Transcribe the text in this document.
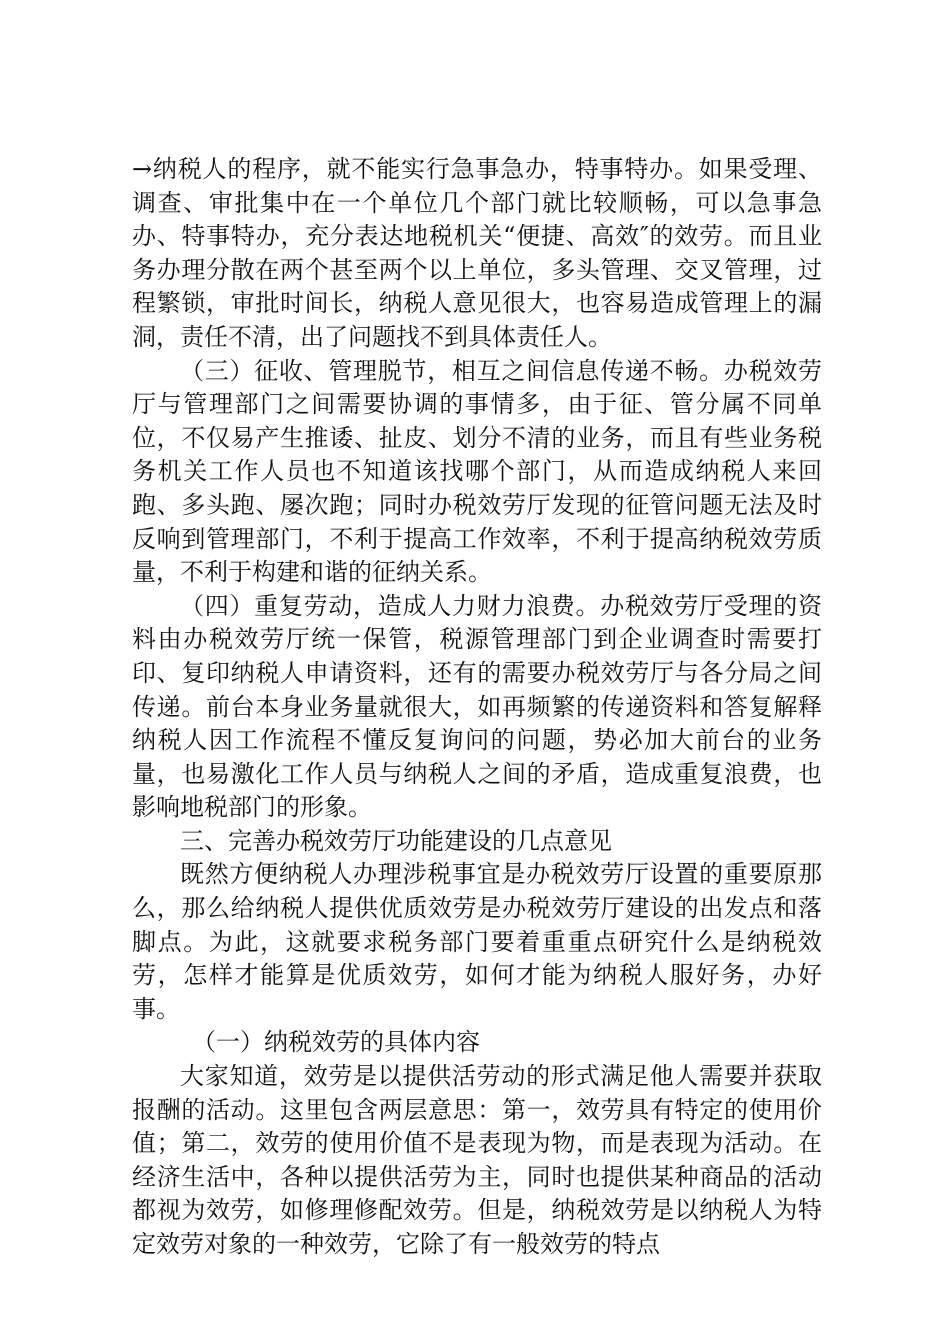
→纳税人的程序，就不能实行急事急办，特事特办。如果受理、调查、审批集中在一个单位几个部门就比较顺畅，可以急事急办、特事特办，充分表达地税机关“便捷、高效″的效劳。而且业务办理分散在两个甚至两个以上单位，多头管理、交叉管理，过程繁锁，审批时间长，纳税人意见很大，也容易造成管理上的漏洞，责任不清，出了问题找不到具体责任人。

（三）征收、管理脱节，相互之间信息传递不畅。办税效劳厅与管理部门之间需要协调的事情多，由于征、管分属不同单位，不仅易产生推诿、扯皮、划分不清的业务，而且有些业务税务机关工作人员也不知道该找哪个部门，从而造成纳税人来回跑、多头跑、屡次跑；同时办税效劳厅发现的征管问题无法及时反响到管理部门，不利于提高工作效率，不利于提高纳税效劳质量，不利于构建和谐的征纳关系。

（四）重复劳动，造成人力财力浪费。办税效劳厅受理的资料由办税效劳厅统一保管，税源管理部门到企业调查时需要打印、复印纳税人申请资料，还有的需要办税效劳厅与各分局之间传递。前台本身业务量就很大，如再频繁的传递资料和答复解释纳税人因工作流程不懂反复询问的问题，势必加大前台的业务量，也易激化工作人员与纳税人之间的矛盾，造成重复浪费，也影响地税部门的形象。

三、完善办税效劳厅功能建设的几点意见

既然方便纳税人办理涉税事宜是办税效劳厅设置的重要原那么，那么给纳税人提供优质效劳是办税效劳厅建设的出发点和落脚点。为此，这就要求税务部门要着重重点研究什么是纳税效劳，怎样才能算是优质效劳，如何才能为纳税人服好务，办好事。

（一）纳税效劳的具体内容

大家知道，效劳是以提供活劳动的形式满足他人需要并获取报酬的活动。这里包含两层意思：第一，效劳具有特定的使用价值；第二，效劳的使用价值不是表现为物，而是表现为活动。在经济生活中，各种以提供活劳为主，同时也提供某种商品的活动都视为效劳，如修理修配效劳。但是，纳税效劳是以纳税人为特定效劳对象的一种效劳，它除了有一般效劳的特点
